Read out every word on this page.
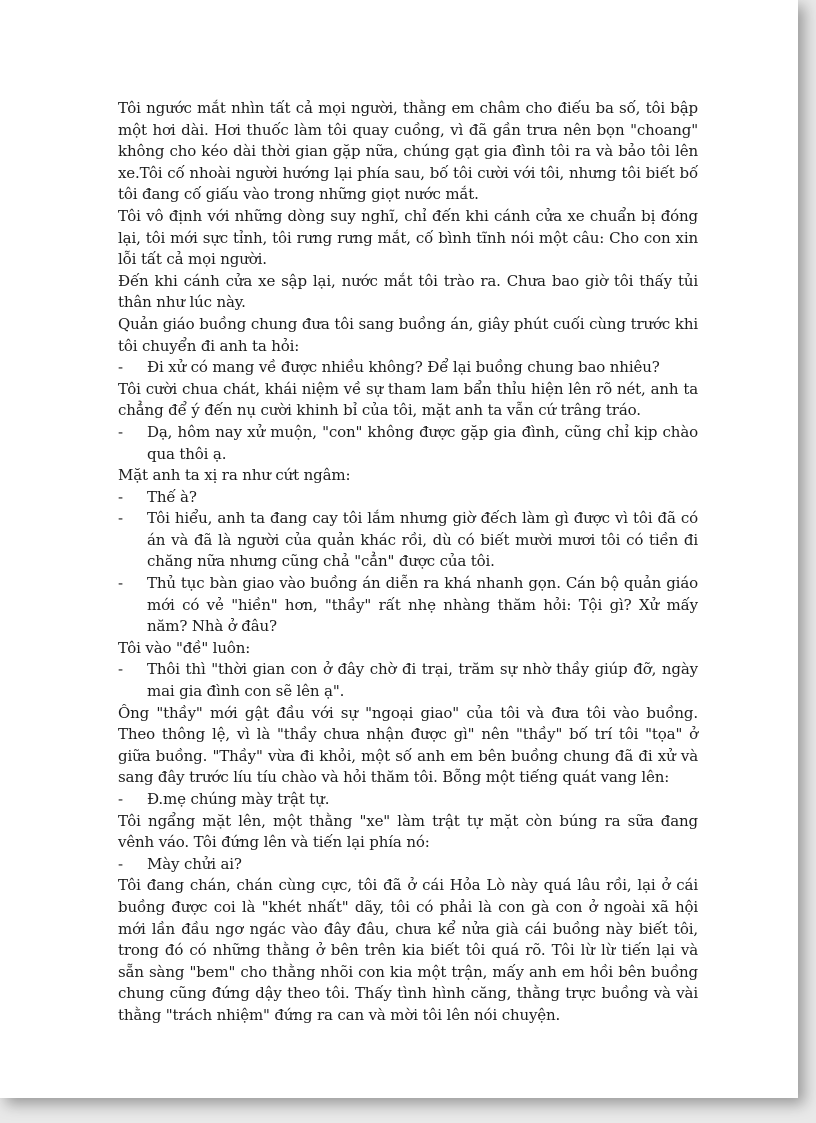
Tôi ngước mắt nhìn tất cả mọi người, thằng em châm cho điếu ba số, tôi bập một hơi dài. Hơi thuốc làm tôi quay cuồng, vì đã gần trưa nên bọn "choang" không cho kéo dài thời gian gặp nữa, chúng gạt gia đình tôi ra và bảo tôi lên xe.Tôi cố nhoài người hướng lại phía sau, bố tôi cười với tôi, nhưng tôi biết bố tôi đang cố giấu vào trong những giọt nước mắt.
Tôi vô định với những dòng suy nghĩ, chỉ đến khi cánh cửa xe chuẩn bị đóng lại, tôi mới sực tỉnh, tôi rưng rưng mắt, cố bình tĩnh nói một câu: Cho con xin lỗi tất cả mọi người.
Đến khi cánh cửa xe sập lại, nước mắt tôi trào ra. Chưa bao giờ tôi thấy tủi thân như lúc này.
Quản giáo buồng chung đưa tôi sang buồng án, giây phút cuối cùng trước khi tôi chuyển đi anh ta hỏi:
- Đi xử có mang về được nhiều không? Để lại buồng chung bao nhiêu?
Tôi cười chua chát, khái niệm về sự tham lam bẩn thỉu hiện lên rõ nét, anh ta chẳng để ý đến nụ cười khinh bỉ của tôi, mặt anh ta vẫn cứ trâng tráo.
- Dạ, hôm nay xử muộn, "con" không được gặp gia đình, cũng chỉ kịp chào qua thôi ạ.
Mặt anh ta xị ra như cứt ngâm:
- Thế à?
- Tôi hiểu, anh ta đang cay tôi lắm nhưng giờ đếch làm gì được vì tôi đã có án và đã là người của quản khác rồi, dù có biết mười mươi tôi có tiền đi chăng nữa nhưng cũng chả "cẳn" được của tôi.
- Thủ tục bàn giao vào buồng án diễn ra khá nhanh gọn. Cán bộ quản giáo mới có vẻ "hiền" hơn, "thầy" rất nhẹ nhàng thăm hỏi: Tội gì? Xử mấy năm? Nhà ở đâu?
Tôi vào "đề" luôn:
- Thôi thì "thời gian con ở đây chờ đi trại, trăm sự nhờ thầy giúp đỡ, ngày mai gia đình con sẽ lên ạ".
Ông "thầy" mới gật đầu với sự "ngoại giao" của tôi và đưa tôi vào buồng. Theo thông lệ, vì là "thầy chưa nhận được gì" nên "thầy" bố trí tôi "tọa" ở giữa buồng. "Thầy" vừa đi khỏi, một số anh em bên buồng chung đã đi xử và sang đây trước líu tíu chào và hỏi thăm tôi. Bỗng một tiếng quát vang lên:
- Đ.mẹ chúng mày trật tự.
Tôi ngẩng mặt lên, một thằng "xe" làm trật tự mặt còn búng ra sữa đang vênh váo. Tôi đứng lên và tiến lại phía nó:
- Mày chửi ai?
Tôi đang chán, chán cùng cực, tôi đã ở cái Hỏa Lò này quá lâu rồi, lại ở cái buồng được coi là "khét nhất" dãy, tôi có phải là con gà con ở ngoài xã hội mới lần đầu ngơ ngác vào đây đâu, chưa kể nửa già cái buồng này biết tôi, trong đó có những thằng ở bên trên kia biết tôi quá rõ. Tôi lừ lừ tiến lại và sẵn sàng "bem" cho thằng nhõi con kia một trận, mấy anh em hồi bên buồng chung cũng đứng dậy theo tôi. Thấy tình hình căng, thằng trực buồng và vài thằng "trách nhiệm" đứng ra can và mời tôi lên nói chuyện.
